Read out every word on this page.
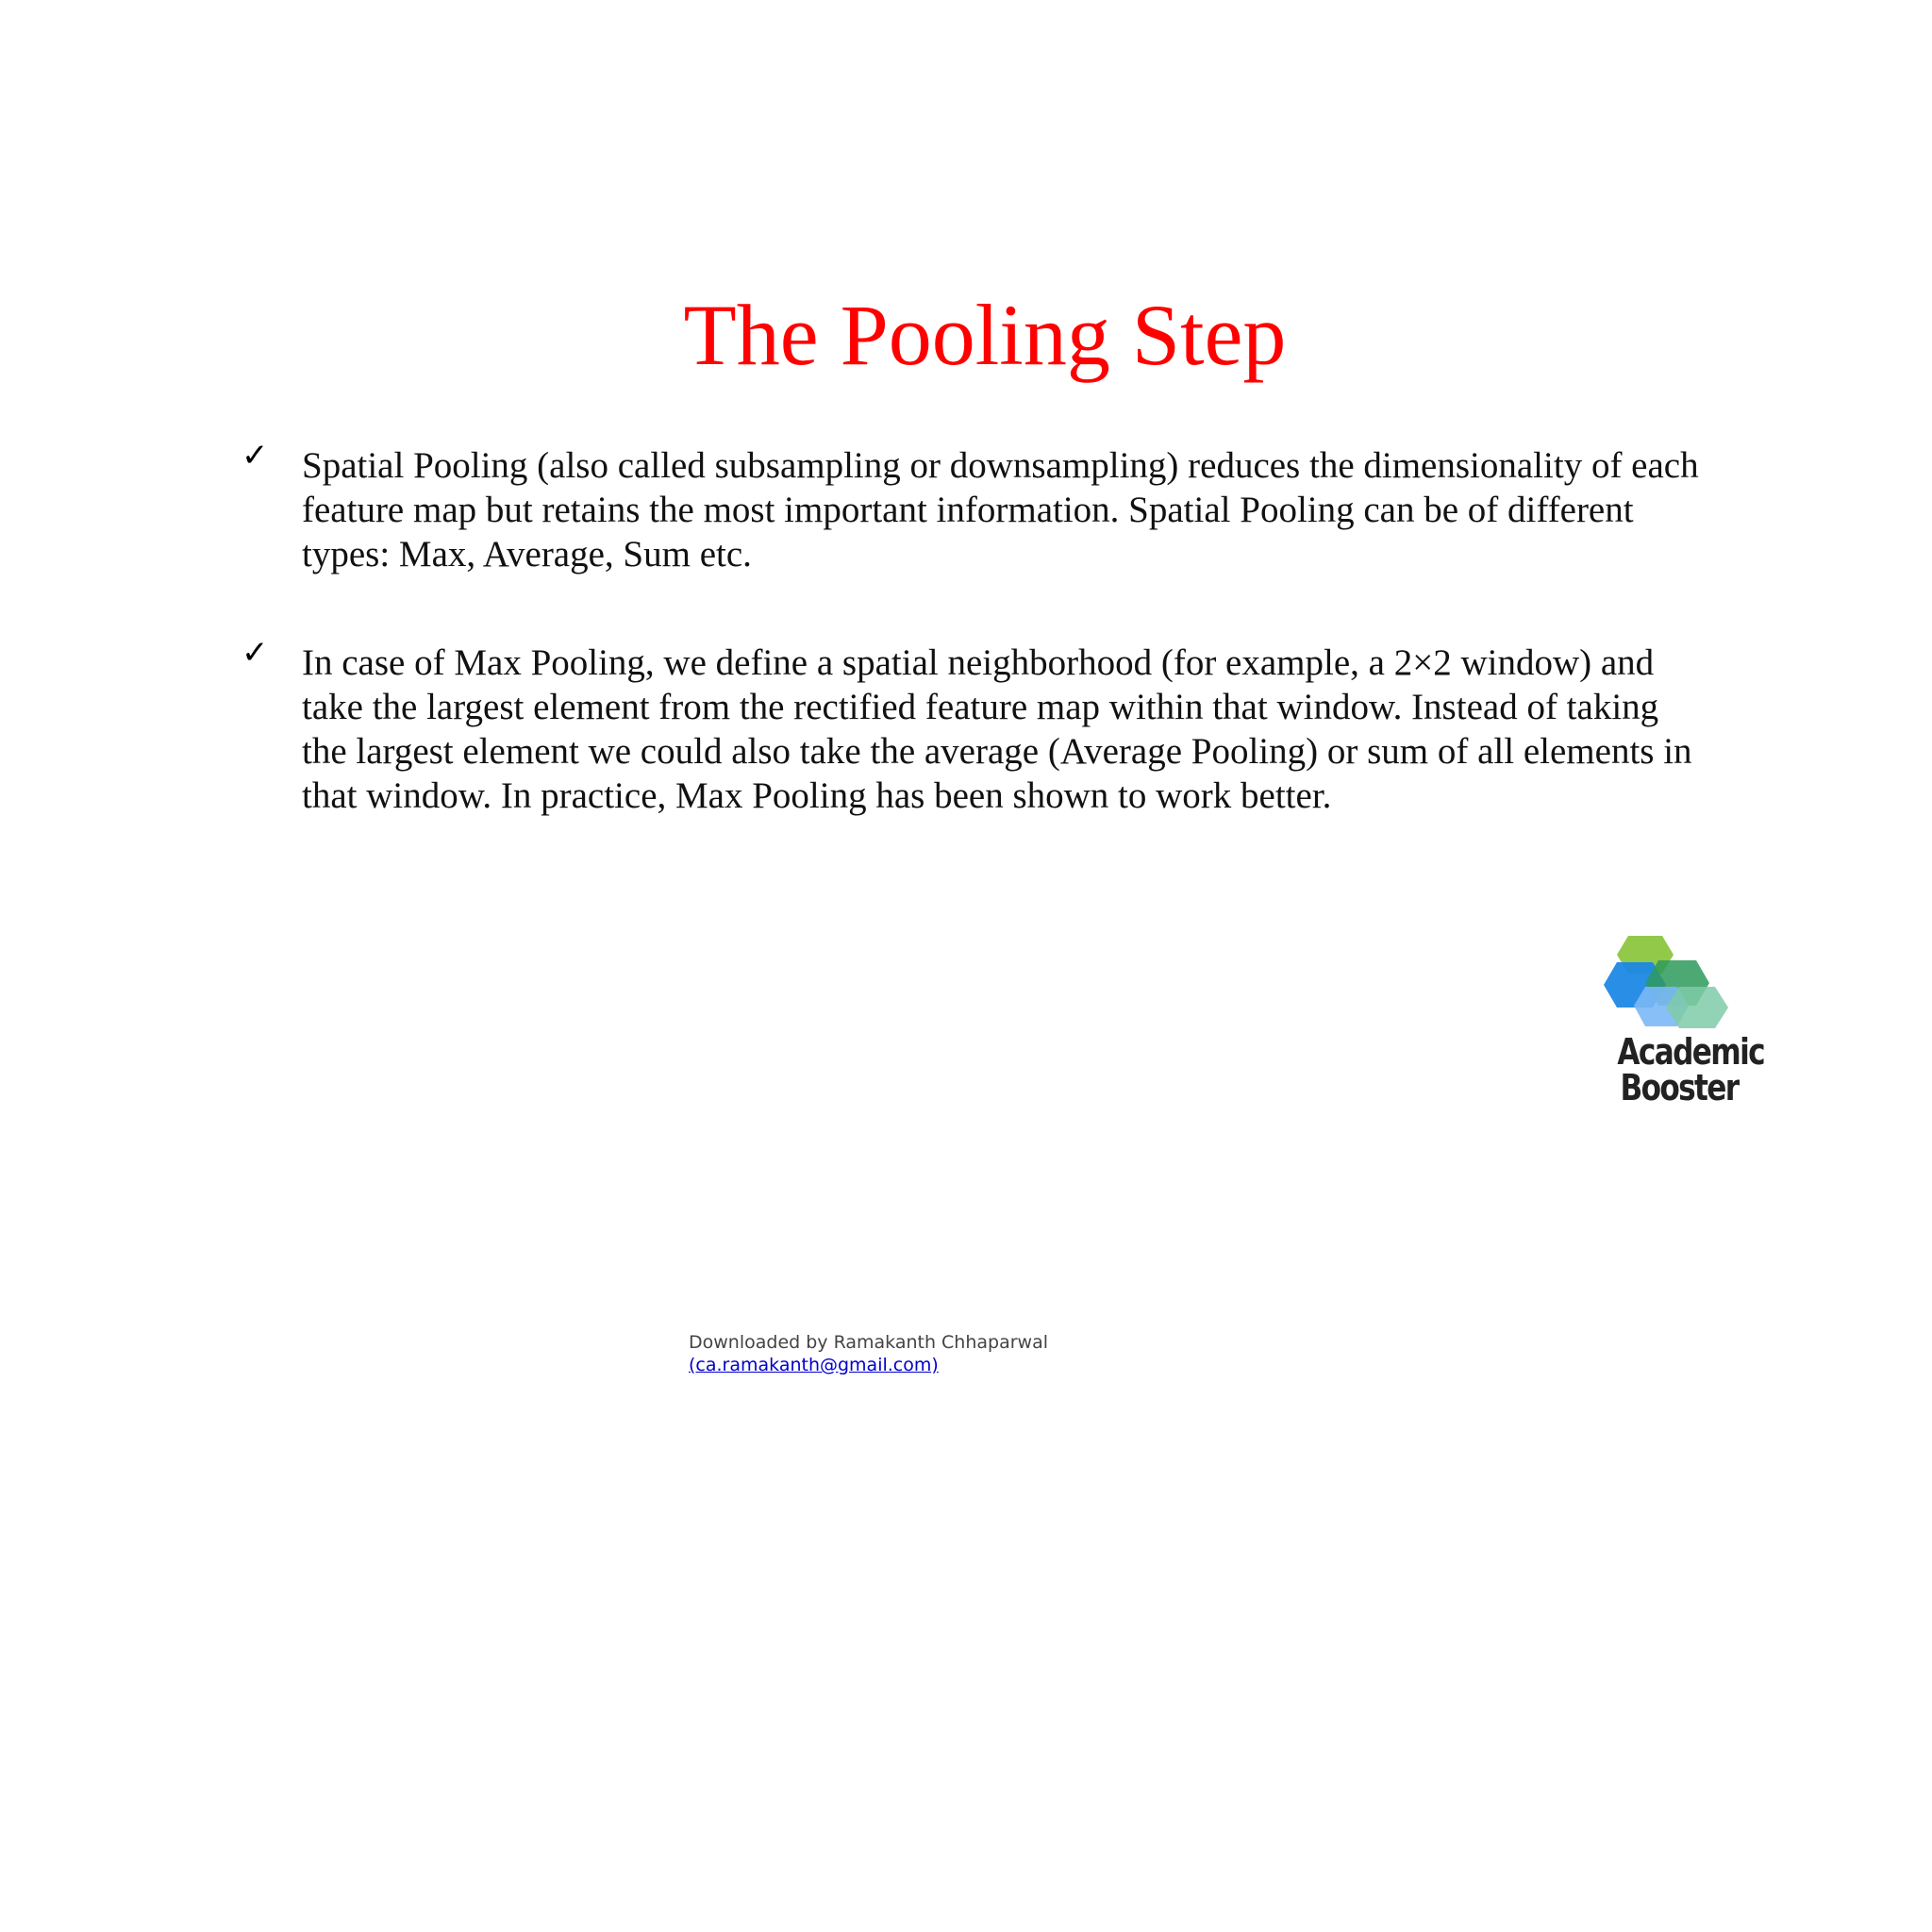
The Pooling Step
✓ Spatial Pooling (also called subsampling or downsampling) reduces the dimensionality of each feature map but retains the most important information. Spatial Pooling can be of different types: Max, Average, Sum etc.
✓ In case of Max Pooling, we define a spatial neighborhood (for example, a 2×2 window) and take the largest element from the rectified feature map within that window. Instead of taking the largest element we could also take the average (Average Pooling) or sum of all elements in that window. In practice, Max Pooling has been shown to work better.
Academic
Booster
Downloaded by Ramakanth Chhaparwal
(ca.ramakanth@gmail.com)
